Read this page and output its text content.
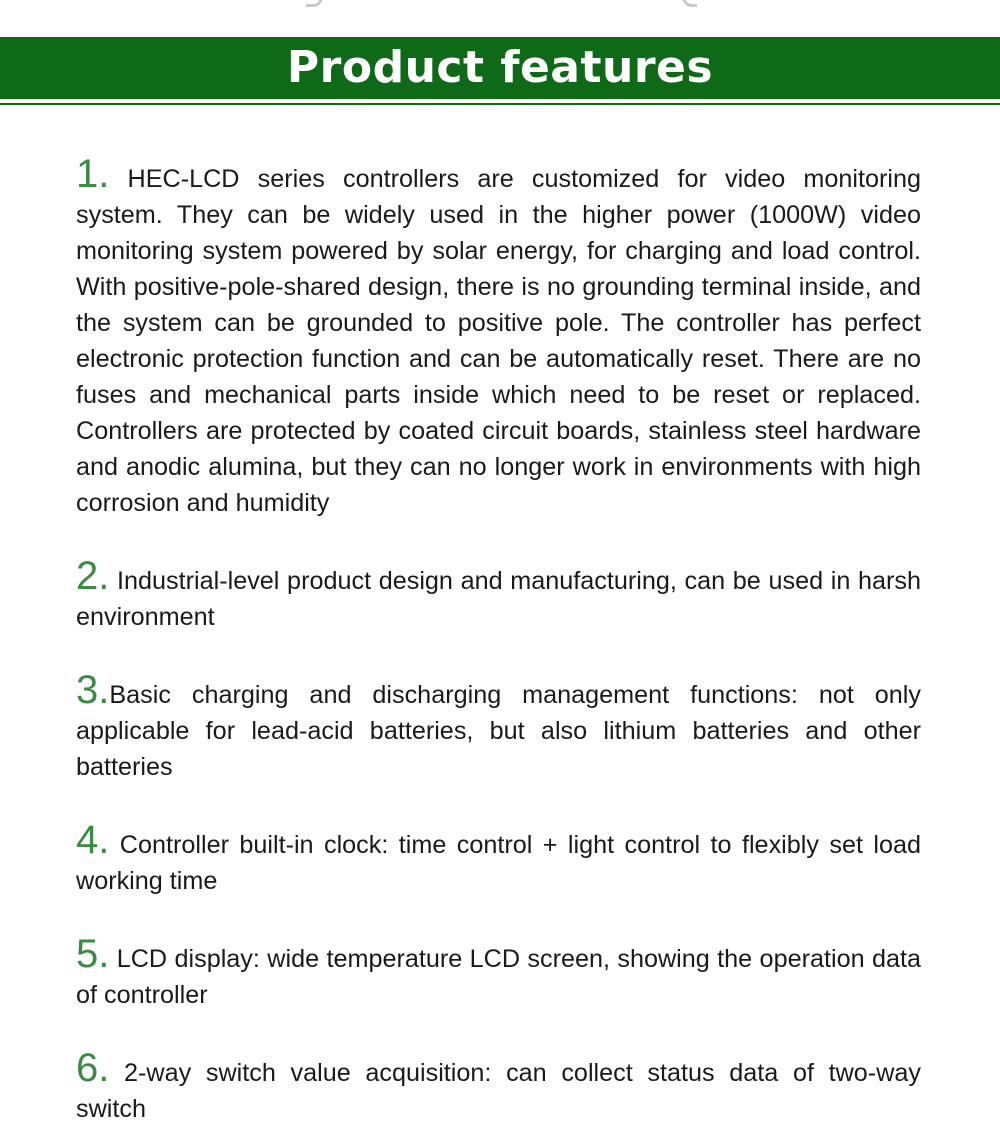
Product features
1. HEC-LCD series controllers are customized for video monitoring system. They can be widely used in the higher power (1000W) video monitoring system powered by solar energy, for charging and load control. With positive-pole-shared design, there is no grounding terminal inside, and the system can be grounded to positive pole. The controller has perfect electronic protection function and can be automatically reset. There are no fuses and mechanical parts inside which need to be reset or replaced. Controllers are protected by coated circuit boards, stainless steel hardware and anodic alumina, but they can no longer work in environments with high corrosion and humidity
2. Industrial-level product design and manufacturing, can be used in harsh environment
3.Basic charging and discharging management functions: not only applicable for lead-acid batteries, but also lithium batteries and other batteries
4. Controller built-in clock: time control + light control to flexibly set load working time
5. LCD display: wide temperature LCD screen, showing the operation data of controller
6. 2-way switch value acquisition: can collect status data of two-way switch
